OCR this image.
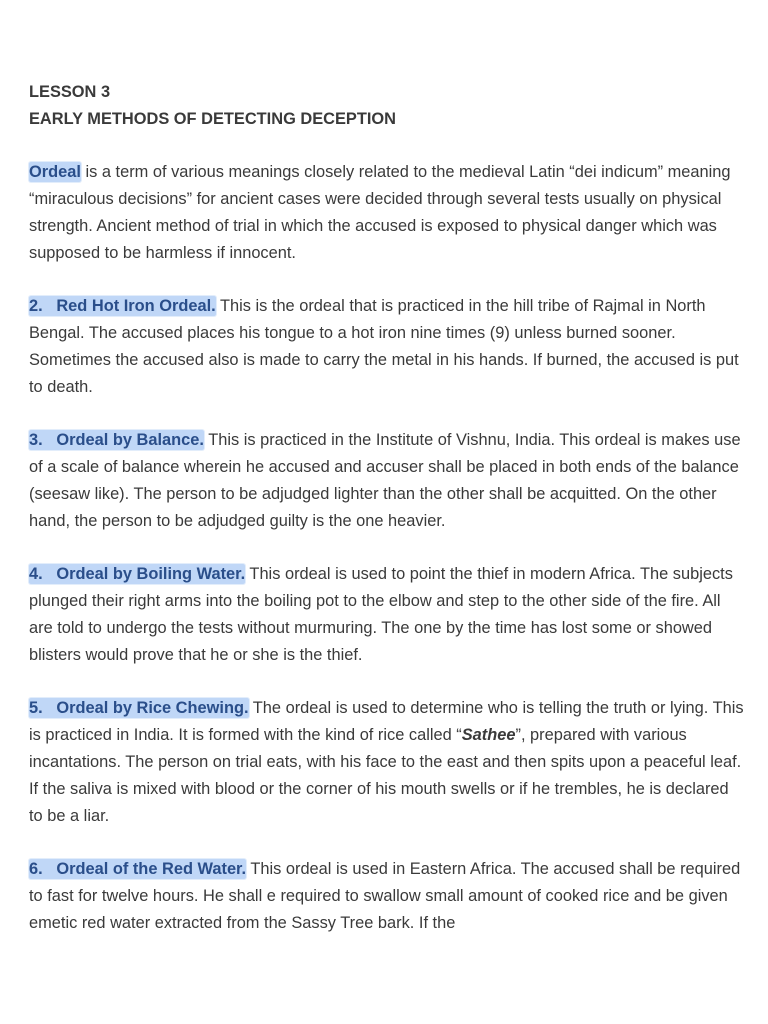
LESSON 3
EARLY METHODS OF DETECTING DECEPTION

Ordeal is a term of various meanings closely related to the medieval Latin “dei indicum” meaning “miraculous decisions” for ancient cases were decided through several tests usually on physical strength. Ancient method of trial in which the accused is exposed to physical danger which was supposed to be harmless if innocent.

2. Red Hot Iron Ordeal. This is the ordeal that is practiced in the hill tribe of Rajmal in North Bengal. The accused places his tongue to a hot iron nine times (9) unless burned sooner. Sometimes the accused also is made to carry the metal in his hands. If burned, the accused is put to death.

3. Ordeal by Balance. This is practiced in the Institute of Vishnu, India. This ordeal is makes use of a scale of balance wherein he accused and accuser shall be placed in both ends of the balance (seesaw like). The person to be adjudged lighter than the other shall be acquitted. On the other hand, the person to be adjudged guilty is the one heavier.

4. Ordeal by Boiling Water. This ordeal is used to point the thief in modern Africa. The subjects plunged their right arms into the boiling pot to the elbow and step to the other side of the fire. All are told to undergo the tests without murmuring. The one by the time has lost some or showed blisters would prove that he or she is the thief.

5. Ordeal by Rice Chewing. The ordeal is used to determine who is telling the truth or lying. This is practiced in India. It is formed with the kind of rice called “Sathee”, prepared with various incantations. The person on trial eats, with his face to the east and then spits upon a peaceful leaf. If the saliva is mixed with blood or the corner of his mouth swells or if he trembles, he is declared to be a liar.

6. Ordeal of the Red Water. This ordeal is used in Eastern Africa. The accused shall be required to fast for twelve hours. He shall e required to swallow small amount of cooked rice and be given emetic red water extracted from the Sassy Tree bark. If the
